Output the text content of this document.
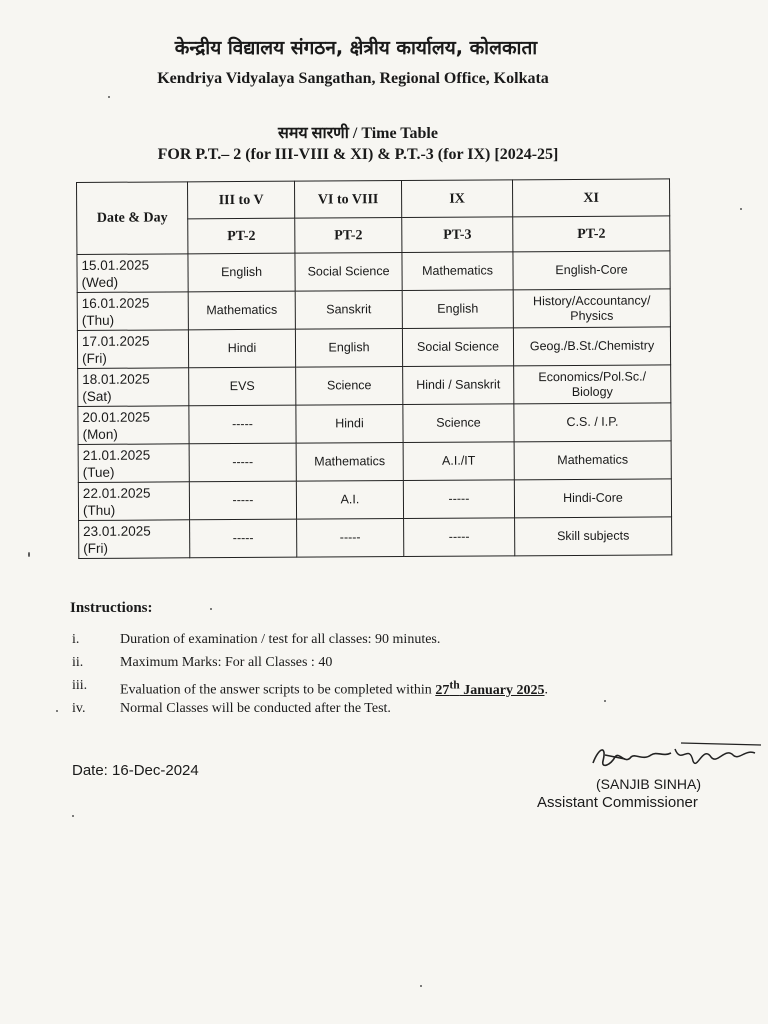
केन्द्रीय विद्यालय संगठन, क्षेत्रीय कार्यालय, कोलकाता
Kendriya Vidyalaya Sangathan, Regional Office, Kolkata
समय सारणी / Time Table
FOR P.T.– 2 (for III-VIII & XI) & P.T.-3 (for IX) [2024-25]
Date & Day	III to V	VI to VIII	IX	XI
	PT-2	PT-2	PT-3	PT-2
15.01.2025
(Wed)	English	Social Science	Mathematics	English-Core
16.01.2025
(Thu)	Mathematics	Sanskrit	English	History/Accountancy/ Physics
17.01.2025
(Fri)	Hindi	English	Social Science	Geog./B.St./Chemistry
18.01.2025
(Sat)	EVS	Science	Hindi / Sanskrit	Economics/Pol.Sc./ Biology
20.01.2025
(Mon)	-----	Hindi	Science	C.S. / I.P.
21.01.2025
(Tue)	-----	Mathematics	A.I./IT	Mathematics
22.01.2025
(Thu)	-----	A.I.	-----	Hindi-Core
23.01.2025
(Fri)	-----	-----	-----	Skill subjects
Instructions:
i.	Duration of examination / test for all classes: 90 minutes.
ii.	Maximum Marks: For all Classes : 40
iii.	Evaluation of the answer scripts to be completed within 27th January 2025.
iv.	Normal Classes will be conducted after the Test.
Date: 16-Dec-2024
(SANJIB SINHA)
Assistant Commissioner
